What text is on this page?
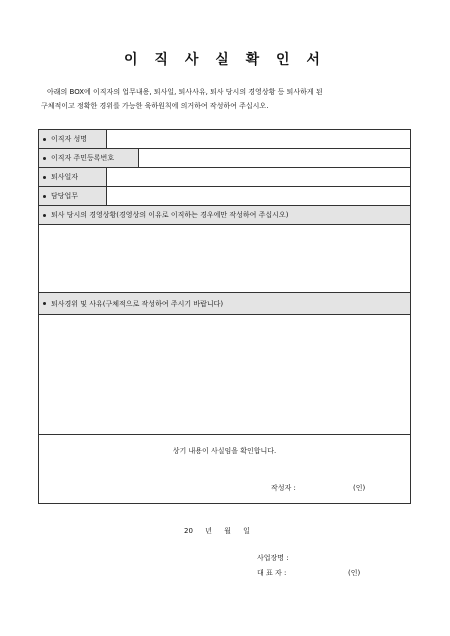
이 직 사 실 확 인 서

아래의 BOX에 이직자의 업무내용, 퇴사일, 퇴사사유, 퇴사 당시의 경영상황 등 퇴사하게 된

구체적이고 정확한 경위를 가능한 육하원칙에 의거하여 작성하여 주십시오.

이직자 성명		
이직자 주민등록번호		
퇴사일자		
담당업무		
퇴사 당시의 경영상황(경영상의 이유로 이직하는 경우에만 작성하여 주십시오)		

퇴사경위 및 사유(구체적으로 작성하여 주시기 바랍니다)		

상기 내용이 사실임을 확인합니다.
작성자 : (인)		
20 년 월 일
사업장명 :
대 표 자 :	(인)
